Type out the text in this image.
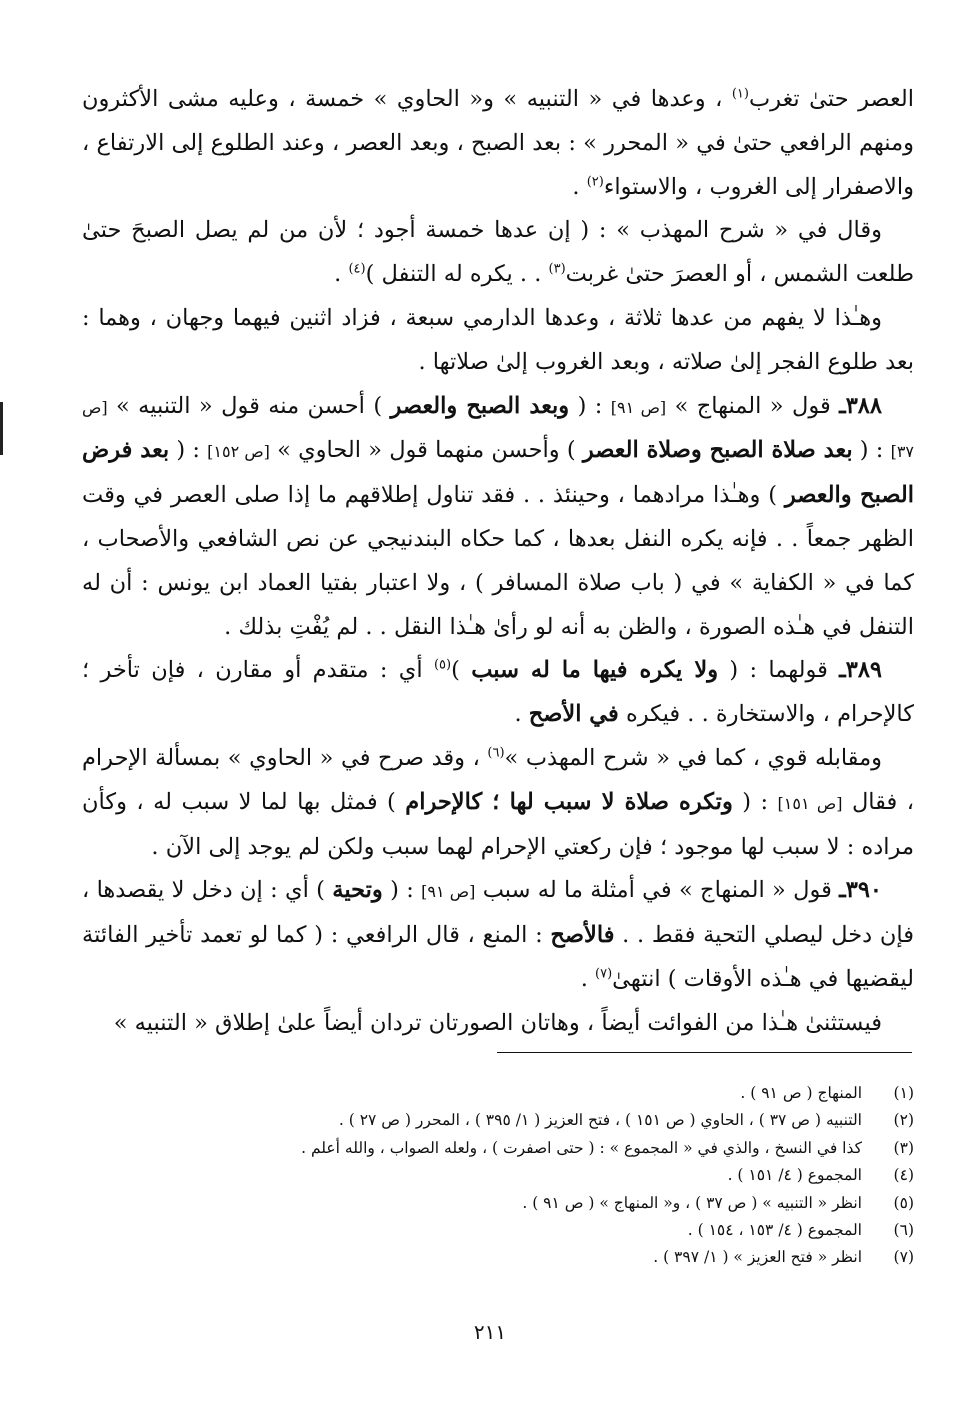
العصر حتىٰ تغرب$^{(١)}$ ، وعدها في « التنبيه » و« الحاوي » خمسة ، وعليه مشى الأكثرون ومنهم الرافعي حتىٰ في « المحرر » : بعد الصبح ، وبعد العصر ، وعند الطلوع إلى الارتفاع ، والاصفرار إلى الغروب ، والاستواء$^{(٢)}$ .

وقال في « شرح المهذب » : ( إن عدها خمسة أجود ؛ لأن من لم يصل الصبحَ حتىٰ طلعت الشمس ، أو العصرَ حتىٰ غربت$^{(٣)}$ . . يكره له التنفل )$^{(٤)}$ .

وهـٰذا لا يفهم من عدها ثلاثة ، وعدها الدارمي سبعة ، فزاد اثنين فيهما وجهان ، وهما : بعد طلوع الفجر إلىٰ صلاته ، وبعد الغروب إلىٰ صلاتها .

٣٨٨ـ قول « المنهاج » [ص ٩١] : ( وبعد الصبح والعصر ) أحسن منه قول « التنبيه » [ص ٣٧] : ( بعد صلاة الصبح وصلاة العصر ) وأحسن منهما قول « الحاوي » [ص ١٥٢] : ( بعد فرض الصبح والعصر ) وهـٰذا مرادهما ، وحينئذ . . فقد تناول إطلاقهم ما إذا صلى العصر في وقت الظهر جمعاً . . فإنه يكره النفل بعدها ، كما حكاه البندنيجي عن نص الشافعي والأصحاب ، كما في « الكفاية » في ( باب صلاة المسافر ) ، ولا اعتبار بفتيا العماد ابن يونس : أن له التنفل في هـٰذه الصورة ، والظن به أنه لو رأىٰ هـٰذا النقل . . لم يُفْتِ بذلك .

٣٨٩ـ قولهما : ( ولا يكره فيها ما له سبب )$^{(٥)}$ أي : متقدم أو مقارن ، فإن تأخر ؛ كالإحرام ، والاستخارة . . فيكره في الأصح .

ومقابله قوي ، كما في « شرح المهذب »$^{(٦)}$ ، وقد صرح في « الحاوي » بمسألة الإحرام ، فقال [ص ١٥١] : ( وتكره صلاة لا سبب لها ؛ كالإحرام ) فمثل بها لما لا سبب له ، وكأن مراده : لا سبب لها موجود ؛ فإن ركعتي الإحرام لهما سبب ولكن لم يوجد إلى الآن .

٣٩٠ـ قول « المنهاج » في أمثلة ما له سبب [ص ٩١] : ( وتحية ) أي : إن دخل لا يقصدها ، فإن دخل ليصلي التحية فقط . . فالأصح : المنع ، قال الرافعي : ( كما لو تعمد تأخير الفائتة ليقضيها في هـٰذه الأوقات ) انتهىٰ$^{(٧)}$ .

فيستثنىٰ هـٰذا من الفوائت أيضاً ، وهاتان الصورتان تردان أيضاً علىٰ إطلاق « التنبيه »

(١)
المنهاج ( ص ٩١ ) .
(٢)
التنبيه ( ص ٣٧ ) ، الحاوي ( ص ١٥١ ) ، فتح العزيز ( ١/ ٣٩٥ ) ، المحرر ( ص ٢٧ ) .
(٣)
كذا في النسخ ، والذي في « المجموع » : ( حتى اصفرت ) ، ولعله الصواب ، والله أعلم .
(٤)
المجموع ( ٤/ ١٥١ ) .
(٥)
انظر « التنبيه » ( ص ٣٧ ) ، و« المنهاج » ( ص ٩١ ) .
(٦)
المجموع ( ٤/ ١٥٣ ، ١٥٤ ) .
(٧)
انظر « فتح العزيز » ( ١/ ٣٩٧ ) .
٢١١
